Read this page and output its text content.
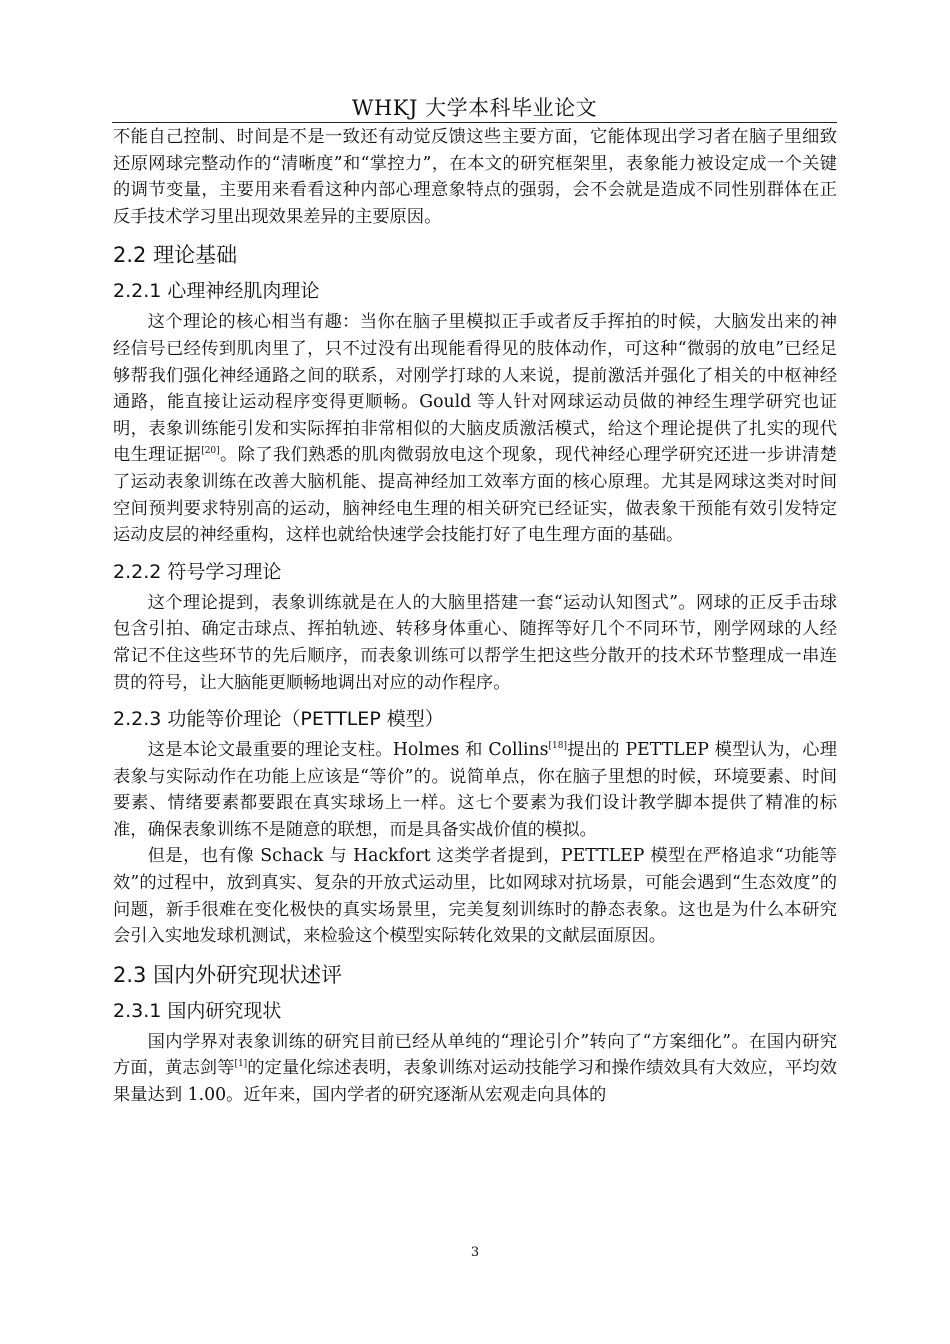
WHKJ 大学本科毕业论文

不能自己控制、时间是不是一致还有动觉反馈这些主要方面，它能体现出学习者在脑子里细致还原网球完整动作的“清晰度”和“掌控力”，在本文的研究框架里，表象能力被设定成一个关键的调节变量，主要用来看看这种内部心理意象特点的强弱，会不会就是造成不同性别群体在正反手技术学习里出现效果差异的主要原因。

2.2 理论基础
2.2.1 心理神经肌肉理论

这个理论的核心相当有趣：当你在脑子里模拟正手或者反手挥拍的时候，大脑发出来的神经信号已经传到肌肉里了，只不过没有出现能看得见的肢体动作，可这种“微弱的放电”已经足够帮我们强化神经通路之间的联系，对刚学打球的人来说，提前激活并强化了相关的中枢神经通路，能直接让运动程序变得更顺畅。Gould 等人针对网球运动员做的神经生理学研究也证明，表象训练能引发和实际挥拍非常相似的大脑皮质激活模式，给这个理论提供了扎实的现代电生理证据[20]。除了我们熟悉的肌肉微弱放电这个现象，现代神经心理学研究还进一步讲清楚了运动表象训练在改善大脑机能、提高神经加工效率方面的核心原理。尤其是网球这类对时间空间预判要求特别高的运动，脑神经电生理的相关研究已经证实，做表象干预能有效引发特定运动皮层的神经重构，这样也就给快速学会技能打好了电生理方面的基础。

2.2.2 符号学习理论

这个理论提到，表象训练就是在人的大脑里搭建一套“运动认知图式”。网球的正反手击球包含引拍、确定击球点、挥拍轨迹、转移身体重心、随挥等好几个不同环节，刚学网球的人经常记不住这些环节的先后顺序，而表象训练可以帮学生把这些分散开的技术环节整理成一串连贯的符号，让大脑能更顺畅地调出对应的动作程序。

2.2.3 功能等价理论（PETTLEP 模型）

这是本论文最重要的理论支柱。Holmes 和 Collins[18]提出的 PETTLEP 模型认为，心理表象与实际动作在功能上应该是“等价”的。说简单点，你在脑子里想的时候，环境要素、时间要素、情绪要素都要跟在真实球场上一样。这七个要素为我们设计教学脚本提供了精准的标准，确保表象训练不是随意的联想，而是具备实战价值的模拟。

但是，也有像 Schack 与 Hackfort 这类学者提到，PETTLEP 模型在严格追求“功能等效”的过程中，放到真实、复杂的开放式运动里，比如网球对抗场景，可能会遇到“生态效度”的问题，新手很难在变化极快的真实场景里，完美复刻训练时的静态表象。这也是为什么本研究会引入实地发球机测试，来检验这个模型实际转化效果的文献层面原因。

2.3 国内外研究现状述评
2.3.1 国内研究现状

国内学界对表象训练的研究目前已经从单纯的“理论引介”转向了“方案细化”。在国内研究方面，黄志剑等[1]的定量化综述表明，表象训练对运动技能学习和操作绩效具有大效应，平均效果量达到 1.00。近年来，国内学者的研究逐渐从宏观走向具体的

3
